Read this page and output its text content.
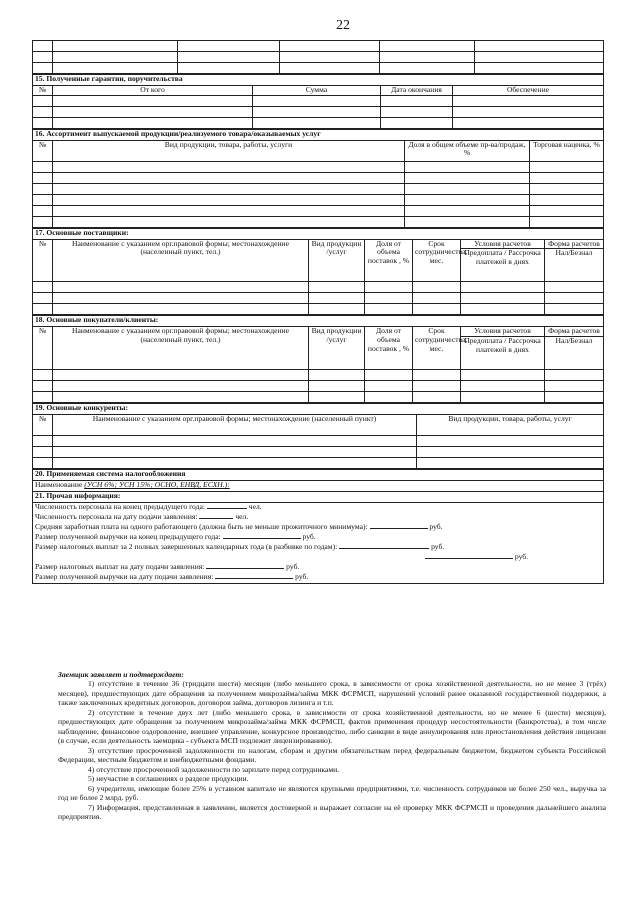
22

15. Полученные гарантии, поручительства				
№	От кого	Сумма	Дата окончания	Обеспечение

16. Ассортимент выпускаемой продукции/реализуемого товара/оказываемых услуг			
№	Вид продукции, товара, работы, услуги	Доля в общем объеме пр-ва/продаж, %	Торговая наценка, %

17. Основные поставщики:						
№	Наименование с указанием орг.правовой формы; местонахождение (населенный пункт, тел.)	Вид продукции /услуг	Доля от объема поставок , %	Срок сотрудничества, мес.	Условия расчетов	Форма расчетов
					Предоплата / Рассрочка платежей в днях	Нал/Безнал

18. Основные покупатели/клиенты:						
№	Наименование с указанием орг.правовой формы; местонахождение (населенный пункт, тел.)	Вид продукции /услуг	Доля от объема поставок , %	Срок сотрудничества, мес.	Условия расчетов	Форма расчетов
					Предоплата / Рассрочка платежей в днях	Нал/Безнал

19. Основные конкуренты:		
№	Наименование с указанием орг.правовой формы; местонахождение (населенный пункт)	Вид продукции, товара, работы, услуг

20. Применяемая система налогообложения
Наименование (УСН 6%; УСН 15%; ОСНО, ЕНВД, ЕСХН.):
21. Прочая информация:
Численность персонала на конец предыдущего года:	чел.
Численность персонала на дату подачи заявления:	чел.
Средняя заработная плата на одного работающего (должна быть не меньше прожиточного минимума):	руб.
Размер полученной выручки на конец предыдущего года:	руб.
Размер налоговых выплат за 2 полных завершенных календарных года (в разбивке по годам):	руб.
руб.
Размер налоговых выплат на дату подачи заявления:	руб.
Размер полученной выручки на дату подачи заявления:	руб.

Заемщик заявляет и подтверждает:

1) отсутствие в течение 36 (тридцати шести) месяцев (либо меньшего срока, в зависимости от срока хозяйственной деятельности, но не менее 3 (трёх) месяцев), предшествующих дате обращения за получением микрозайма/займа МКК ФСРМСП, нарушений условий ранее оказанной государственной поддержки, а также заключенных кредитных договоров, договоров займа, договоров лизинга и т.п.

2) отсутствие в течение двух лет (либо меньшего срока, в зависимости от срока хозяйственной деятельности, но не менее 6 (шести) месяцев), предшествующих дате обращения за получением микрозайма/займа МКК ФСРМСП, фактов применения процедур несостоятельности (банкротства), в том числе наблюдение, финансовое оздоровление, внешнее управление, конкурсное производство, либо санкции в виде аннулирования или приостановления действия лицензии (в случае, если деятельность заемщика - субъекта МСП подлежит лицензированию).

3) отсутствие просроченной задолженности по налогам, сборам и другим обязательствам перед федеральным бюджетом, бюджетом субъекта Российской Федерации, местным бюджетом и внебюджетными фондами.

4) отсутствие просроченной задолженности по зарплате перед сотрудниками.

5) неучастие в соглашениях о разделе продукции.

6) учредители, имеющие более 25% в уставном капитале не являются крупными предприятиями, т.е. численность сотрудников не более 250 чел., выручка за год не более 2 млрд. руб.

7) Информация, представленная в заявлении, является достоверной и выражает согласие на её проверку МКК ФСРМСП и проведения дальнейшего анализа предприятия.
